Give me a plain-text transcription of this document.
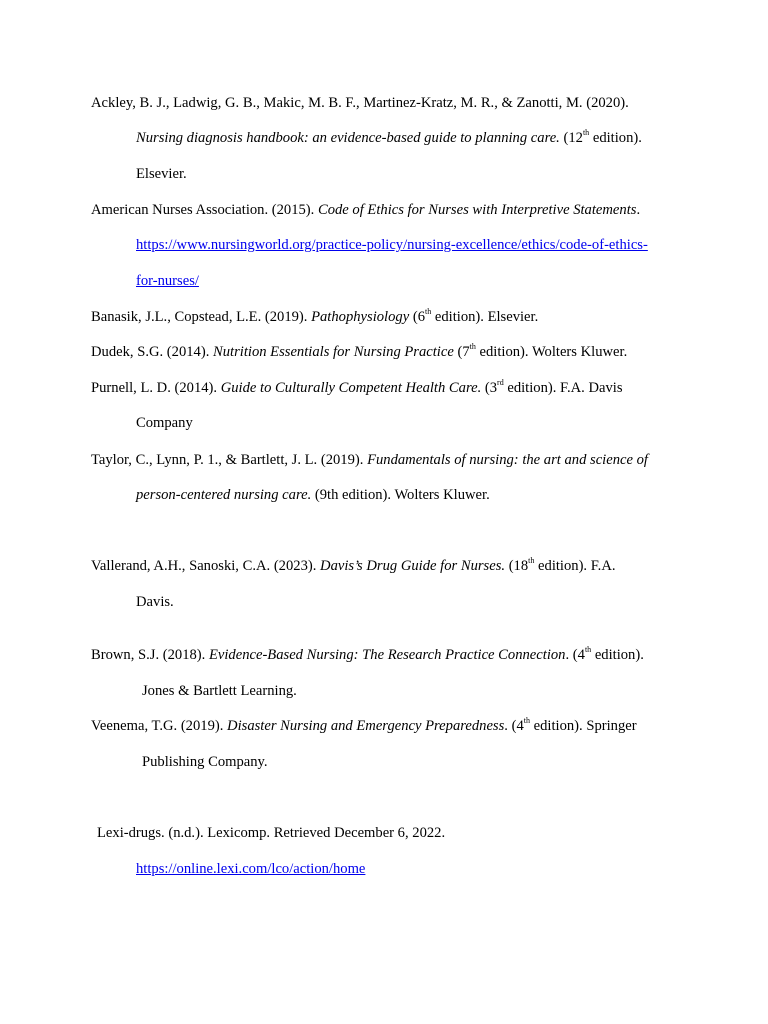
Ackley, B. J., Ladwig, G. B., Makic, M. B. F., Martinez-Kratz, M. R., & Zanotti, M. (2020).
Nursing diagnosis handbook: an evidence-based guide to planning care. (12th edition).
Elsevier.
American Nurses Association. (2015). Code of Ethics for Nurses with Interpretive Statements.
https://www.nursingworld.org/practice-policy/nursing-excellence/ethics/code-of-ethics-
for-nurses/
Banasik, J.L., Copstead, L.E. (2019). Pathophysiology (6th edition). Elsevier.
Dudek, S.G. (2014). Nutrition Essentials for Nursing Practice (7th edition). Wolters Kluwer.
Purnell, L. D. (2014). Guide to Culturally Competent Health Care. (3rd edition). F.A. Davis
Company
Taylor, C., Lynn, P. 1., & Bartlett, J. L. (2019). Fundamentals of nursing: the art and science of
person-centered nursing care. (9th edition). Wolters Kluwer.
Vallerand, A.H., Sanoski, C.A. (2023). Davis’s Drug Guide for Nurses. (18th edition). F.A.
Davis.
Brown, S.J. (2018). Evidence-Based Nursing: The Research Practice Connection. (4th edition).
Jones & Bartlett Learning.
Veenema, T.G. (2019). Disaster Nursing and Emergency Preparedness. (4th edition). Springer
Publishing Company.
Lexi-drugs. (n.d.). Lexicomp. Retrieved December 6, 2022.
https://online.lexi.com/lco/action/home
